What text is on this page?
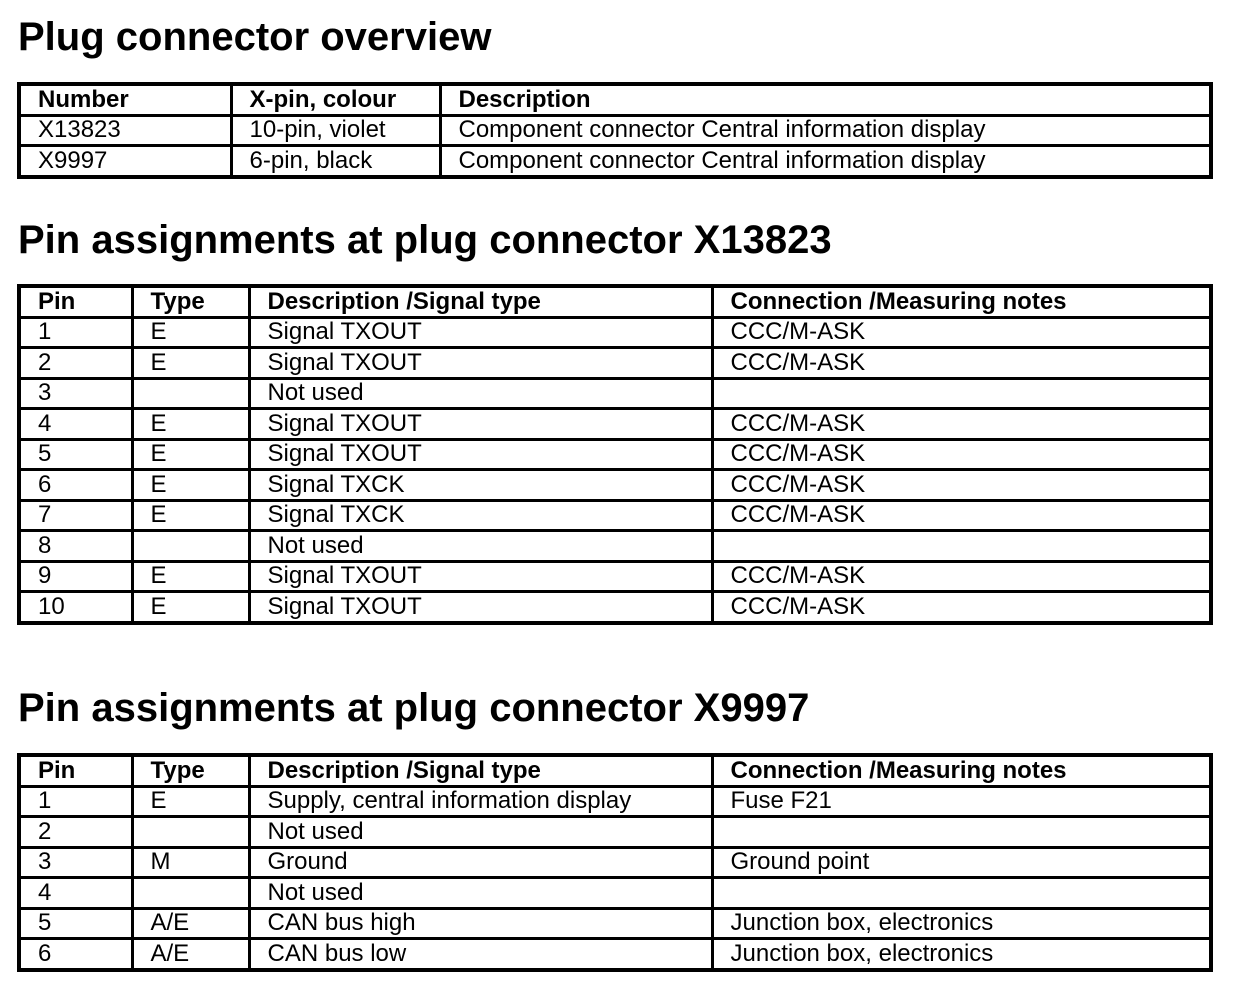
Plug connector overview
Number	X-pin, colour	Description
X13823	10-pin, violet	Component connector Central information display
X9997	6-pin, black	Component connector Central information display
Pin assignments at plug connector X13823
Pin	Type	Description /Signal type	Connection /Measuring notes
1	E	Signal TXOUT	CCC/M-ASK
2	E	Signal TXOUT	CCC/M-ASK
3		Not used	
4	E	Signal TXOUT	CCC/M-ASK
5	E	Signal TXOUT	CCC/M-ASK
6	E	Signal TXCK	CCC/M-ASK
7	E	Signal TXCK	CCC/M-ASK
8		Not used	
9	E	Signal TXOUT	CCC/M-ASK
10	E	Signal TXOUT	CCC/M-ASK
Pin assignments at plug connector X9997
Pin	Type	Description /Signal type	Connection /Measuring notes
1	E	Supply, central information display	Fuse F21
2		Not used	
3	M	Ground	Ground point
4		Not used	
5	A/E	CAN bus high	Junction box, electronics
6	A/E	CAN bus low	Junction box, electronics
